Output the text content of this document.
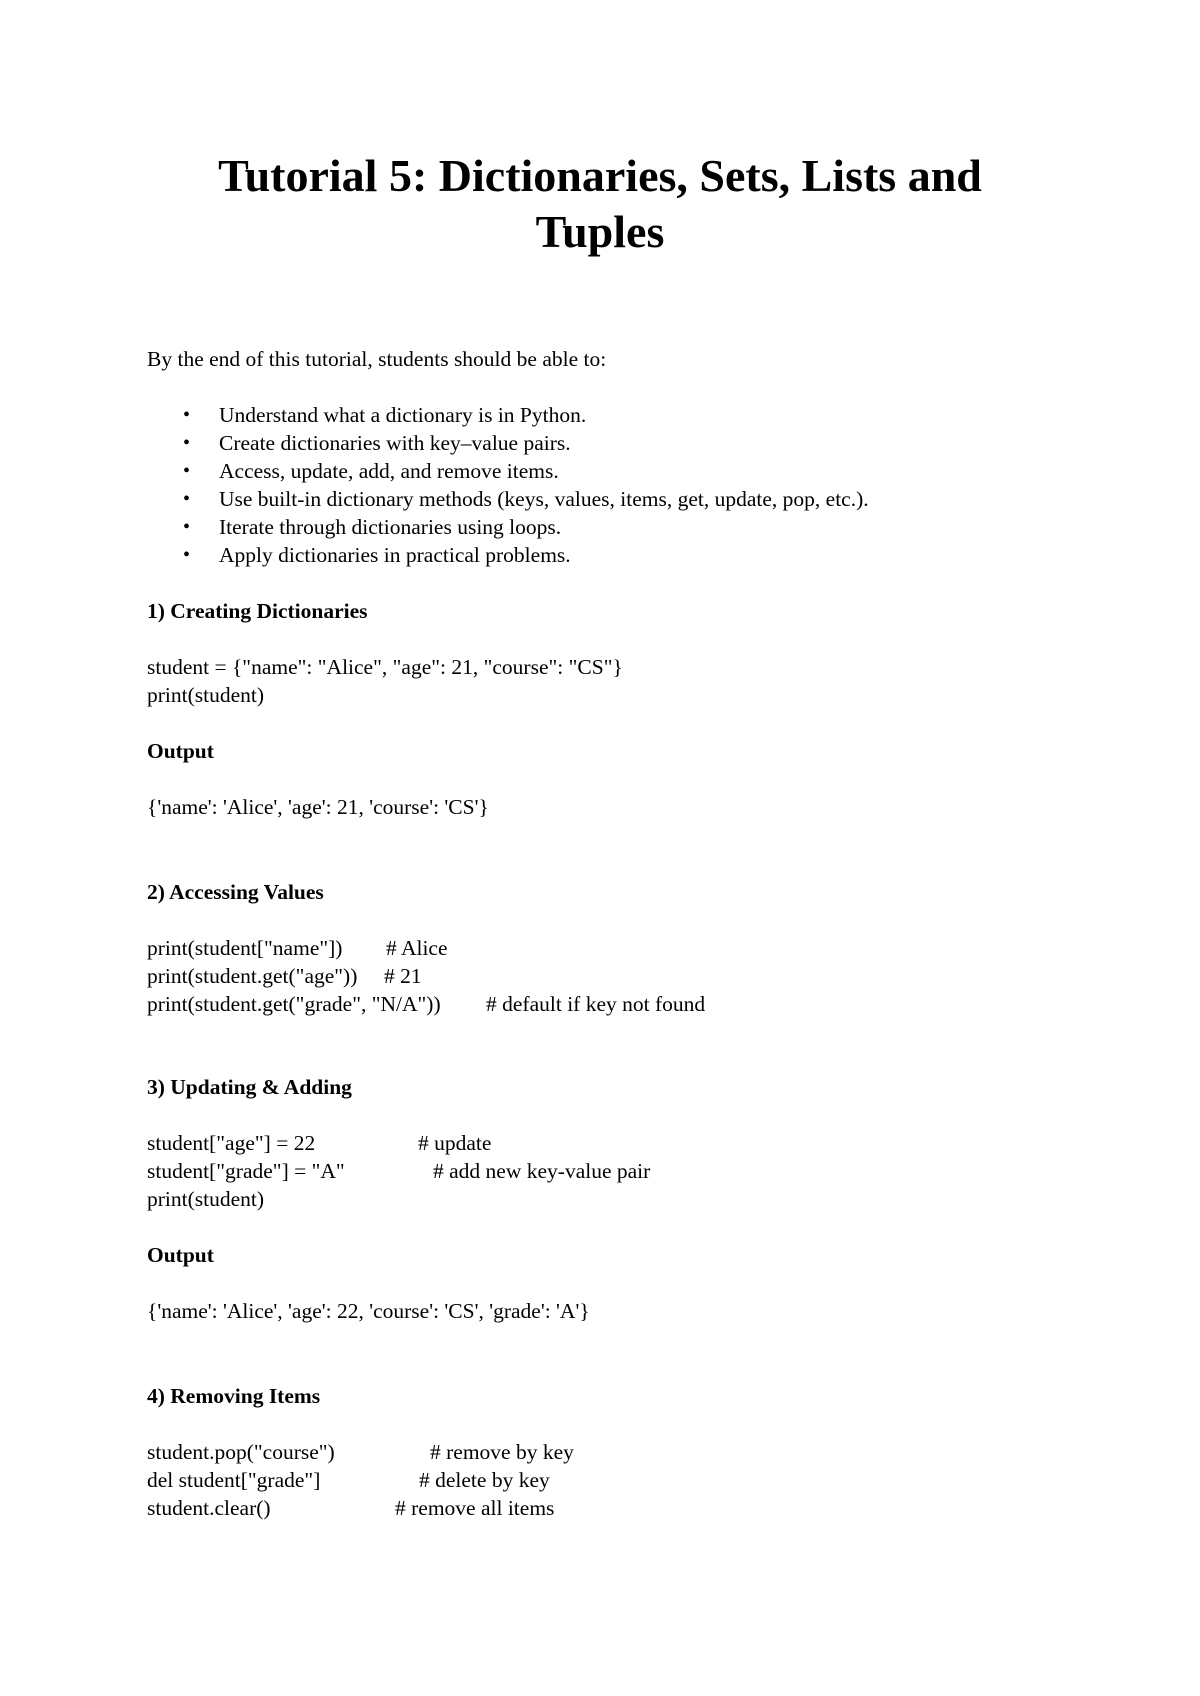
Tutorial 5: Dictionaries, Sets, Lists and
Tuples
By the end of this tutorial, students should be able to:
• Understand what a dictionary is in Python.
• Create dictionaries with key–value pairs.
• Access, update, add, and remove items.
• Use built-in dictionary methods (keys, values, items, get, update, pop, etc.).
• Iterate through dictionaries using loops.
• Apply dictionaries in practical problems.
1) Creating Dictionaries
student = {"name": "Alice", "age": 21, "course": "CS"}
print(student)
Output
{'name': 'Alice', 'age': 21, 'course': 'CS'}
2) Accessing Values
print(student["name"]) # Alice
print(student.get("age")) # 21
print(student.get("grade", "N/A")) # default if key not found
3) Updating & Adding
student["age"] = 22	# update
student["grade"] = "A"	# add new key-value pair
print(student)
Output
{'name': 'Alice', 'age': 22, 'course': 'CS', 'grade': 'A'}
4) Removing Items
student.pop("course")	# remove by key
del student["grade"]	# delete by key
student.clear()	# remove all items
